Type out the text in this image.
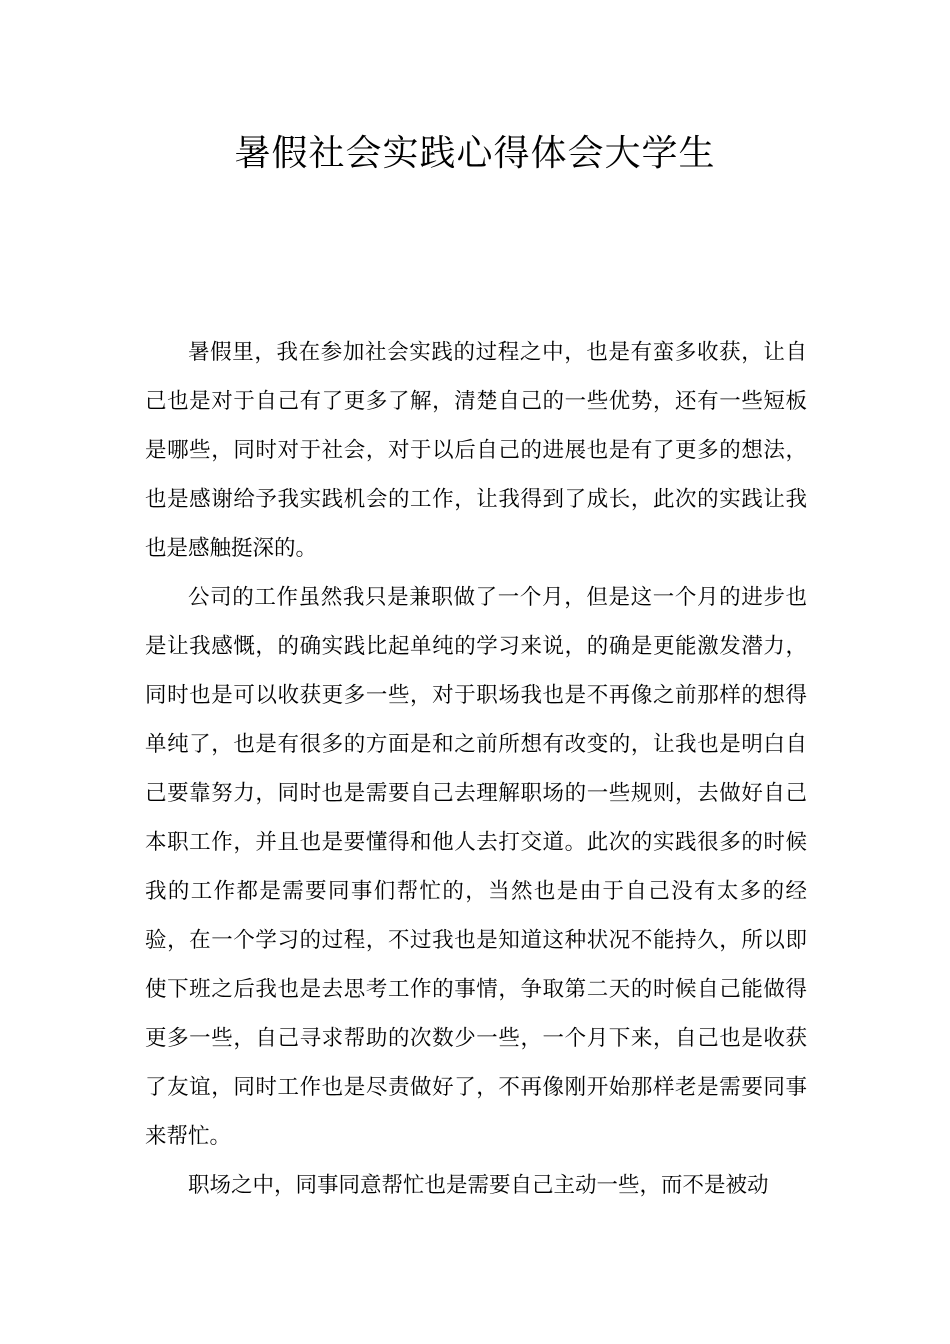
暑假社会实践心得体会大学生

暑假里，我在参加社会实践的过程之中，也是有蛮多收获，让自己也是对于自己有了更多了解，清楚自己的一些优势，还有一些短板是哪些，同时对于社会，对于以后自己的进展也是有了更多的想法，也是感谢给予我实践机会的工作，让我得到了成长，此次的实践让我也是感触挺深的。

公司的工作虽然我只是兼职做了一个月，但是这一个月的进步也是让我感慨，的确实践比起单纯的学习来说，的确是更能激发潜力，同时也是可以收获更多一些，对于职场我也是不再像之前那样的想得单纯了，也是有很多的方面是和之前所想有改变的，让我也是明白自己要靠努力，同时也是需要自己去理解职场的一些规则，去做好自己本职工作，并且也是要懂得和他人去打交道。此次的实践很多的时候我的工作都是需要同事们帮忙的，当然也是由于自己没有太多的经验，在一个学习的过程，不过我也是知道这种状况不能持久，所以即使下班之后我也是去思考工作的事情，争取第二天的时候自己能做得更多一些，自己寻求帮助的次数少一些，一个月下来，自己也是收获了友谊，同时工作也是尽责做好了，不再像刚开始那样老是需要同事来帮忙。

职场之中，同事同意帮忙也是需要自己主动一些，而不是被动
